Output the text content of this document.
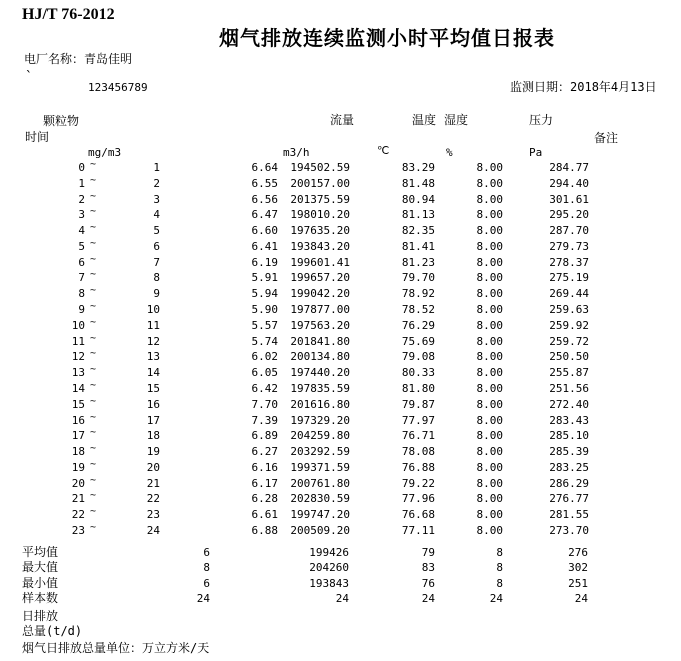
HJ/T 76-2012
烟气排放连续监测小时平均值日报表
电厂名称：青岛佳明
`
123456789	监测日期：2018年4月13日
颗粒物
时间
流量	温度 湿度	压力
备注
mg/m3	m3/h	℃	%	Pa
0 ~	1	6.64	194502.59	83.29	8.00	284.77
1 ~	2	6.55	200157.00	81.48	8.00	294.40
2 ~	3	6.56	201375.59	80.94	8.00	301.61
3 ~	4	6.47	198010.20	81.13	8.00	295.20
4 ~	5	6.60	197635.20	82.35	8.00	287.70
5 ~	6	6.41	193843.20	81.41	8.00	279.73
6 ~	7	6.19	199601.41	81.23	8.00	278.37
7 ~	8	5.91	199657.20	79.70	8.00	275.19
8 ~	9	5.94	199042.20	78.92	8.00	269.44
9 ~	10	5.90	197877.00	78.52	8.00	259.63
10 ~	11	5.57	197563.20	76.29	8.00	259.92
11 ~	12	5.74	201841.80	75.69	8.00	259.72
12 ~	13	6.02	200134.80	79.08	8.00	250.50
13 ~	14	6.05	197440.20	80.33	8.00	255.87
14 ~	15	6.42	197835.59	81.80	8.00	251.56
15 ~	16	7.70	201616.80	79.87	8.00	272.40
16 ~	17	7.39	197329.20	77.97	8.00	283.43
17 ~	18	6.89	204259.80	76.71	8.00	285.10
18 ~	19	6.27	203292.59	78.08	8.00	285.39
19 ~	20	6.16	199371.59	76.88	8.00	283.25
20 ~	21	6.17	200761.80	79.22	8.00	286.29
21 ~	22	6.28	202830.59	77.96	8.00	276.77
22 ~	23	6.61	199747.20	76.68	8.00	281.55
23 ~	24	6.88	200509.20	77.11	8.00	273.70
平均值	6	199426	79	8	276
最大值	8	204260	83	8	302
最小值	6	193843	76	8	251
样本数	24	24	24	24	24
日排放
总量(t/d)
烟气日排放总量单位：万立方米/天
